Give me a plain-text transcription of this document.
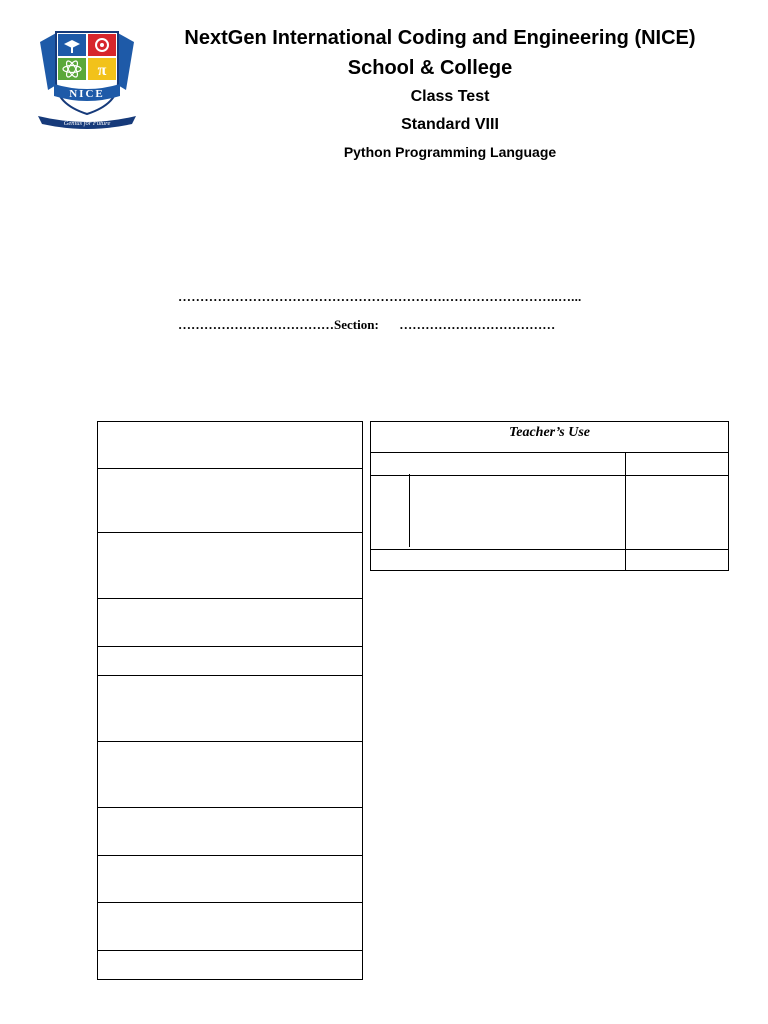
π
NICE
Genius for Future
NextGen International Coding and Engineering (NICE)
School & College
Class Test
Standard VIII
Python Programming Language
…………………………………………………….……………………..…...
………………………………Section: ………………………………
Teacher’s Use
